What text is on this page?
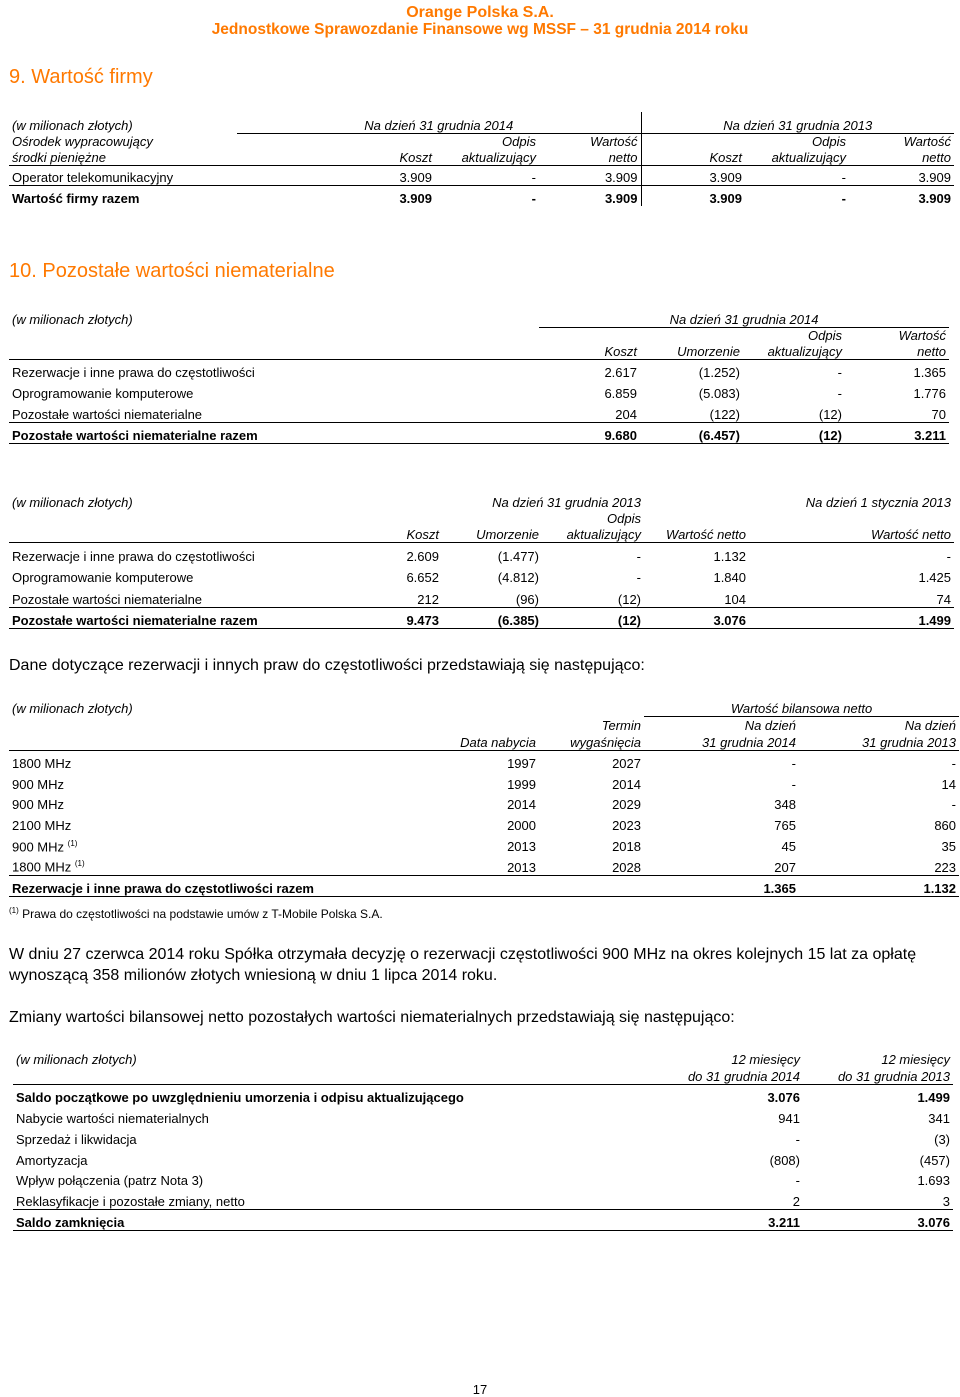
Orange Polska S.A.
Jednostkowe Sprawozdanie Finansowe wg MSSF – 31 grudnia 2014 roku
9. Wartość firmy
(w milionach złotych)	Na dzień 31 grudnia 2014			Na dzień 31 grudnia 2013		
Ośrodek wypracowujący		Odpis	Wartość		Odpis	Wartość
środki pieniężne	Koszt	aktualizujący	netto	Koszt	aktualizujący	netto
Operator telekomunikacyjny	3.909	-	3.909	3.909	-	3.909
Wartość firmy razem	3.909	-	3.909	3.909	-	3.909
10. Pozostałe wartości niematerialne
(w milionach złotych)	Na dzień 31 grudnia 2014			
			Odpis	Wartość
	Koszt	Umorzenie	aktualizujący	netto
Rezerwacje i inne prawa do częstotliwości	2.617	(1.252)	-	1.365
Oprogramowanie komputerowe	6.859	(5.083)	-	1.776
Pozostałe wartości niematerialne	204	(122)	(12)	70
Pozostałe wartości niematerialne razem	9.680	(6.457)	(12)	3.211
(w milionach złotych)	Na dzień 31 grudnia 2013				Na dzień 1 stycznia 2013
			Odpis		
	Koszt	Umorzenie	aktualizujący	Wartość netto	Wartość netto
Rezerwacje i inne prawa do częstotliwości	2.609	(1.477)	-	1.132	-
Oprogramowanie komputerowe	6.652	(4.812)	-	1.840	1.425
Pozostałe wartości niematerialne	212	(96)	(12)	104	74
Pozostałe wartości niematerialne razem	9.473	(6.385)	(12)	3.076	1.499
Dane dotyczące rezerwacji i innych praw do częstotliwości przedstawiają się następująco:
(w milionach złotych)			Wartość bilansowa netto	
		Termin	Na dzień	Na dzień
	Data nabycia	wygaśnięcia	31 grudnia 2014	31 grudnia 2013
1800 MHz	1997	2027	-	-
900 MHz	1999	2014	-	14
900 MHz	2014	2029	348	-
2100 MHz	2000	2023	765	860
900 MHz $^{(1)}$	2013	2018	45	35
1800 MHz $^{(1)}$	2013	2028	207	223
Rezerwacje i inne prawa do częstotliwości razem			1.365	1.132
$^{(1)}$ Prawa do częstotliwości na podstawie umów z T-Mobile Polska S.A.
W dniu 27 czerwca 2014 roku Spółka otrzymała decyzję o rezerwacji częstotliwości 900 MHz na okres kolejnych 15 lat za opłatę wynoszącą 358 milionów złotych wniesioną w dniu 1 lipca 2014 roku.
Zmiany wartości bilansowej netto pozostałych wartości niematerialnych przedstawiają się następująco:
(w milionach złotych)	12 miesięcy	12 miesięcy
	do 31 grudnia 2014	do 31 grudnia 2013
Saldo początkowe po uwzględnieniu umorzenia i odpisu aktualizującego	3.076	1.499
Nabycie wartości niematerialnych	941	341
Sprzedaż i likwidacja	-	(3)
Amortyzacja	(808)	(457)
Wpływ połączenia (patrz Nota 3)	-	1.693
Reklasyfikacje i pozostałe zmiany, netto	2	3
Saldo zamknięcia	3.211	3.076
17
